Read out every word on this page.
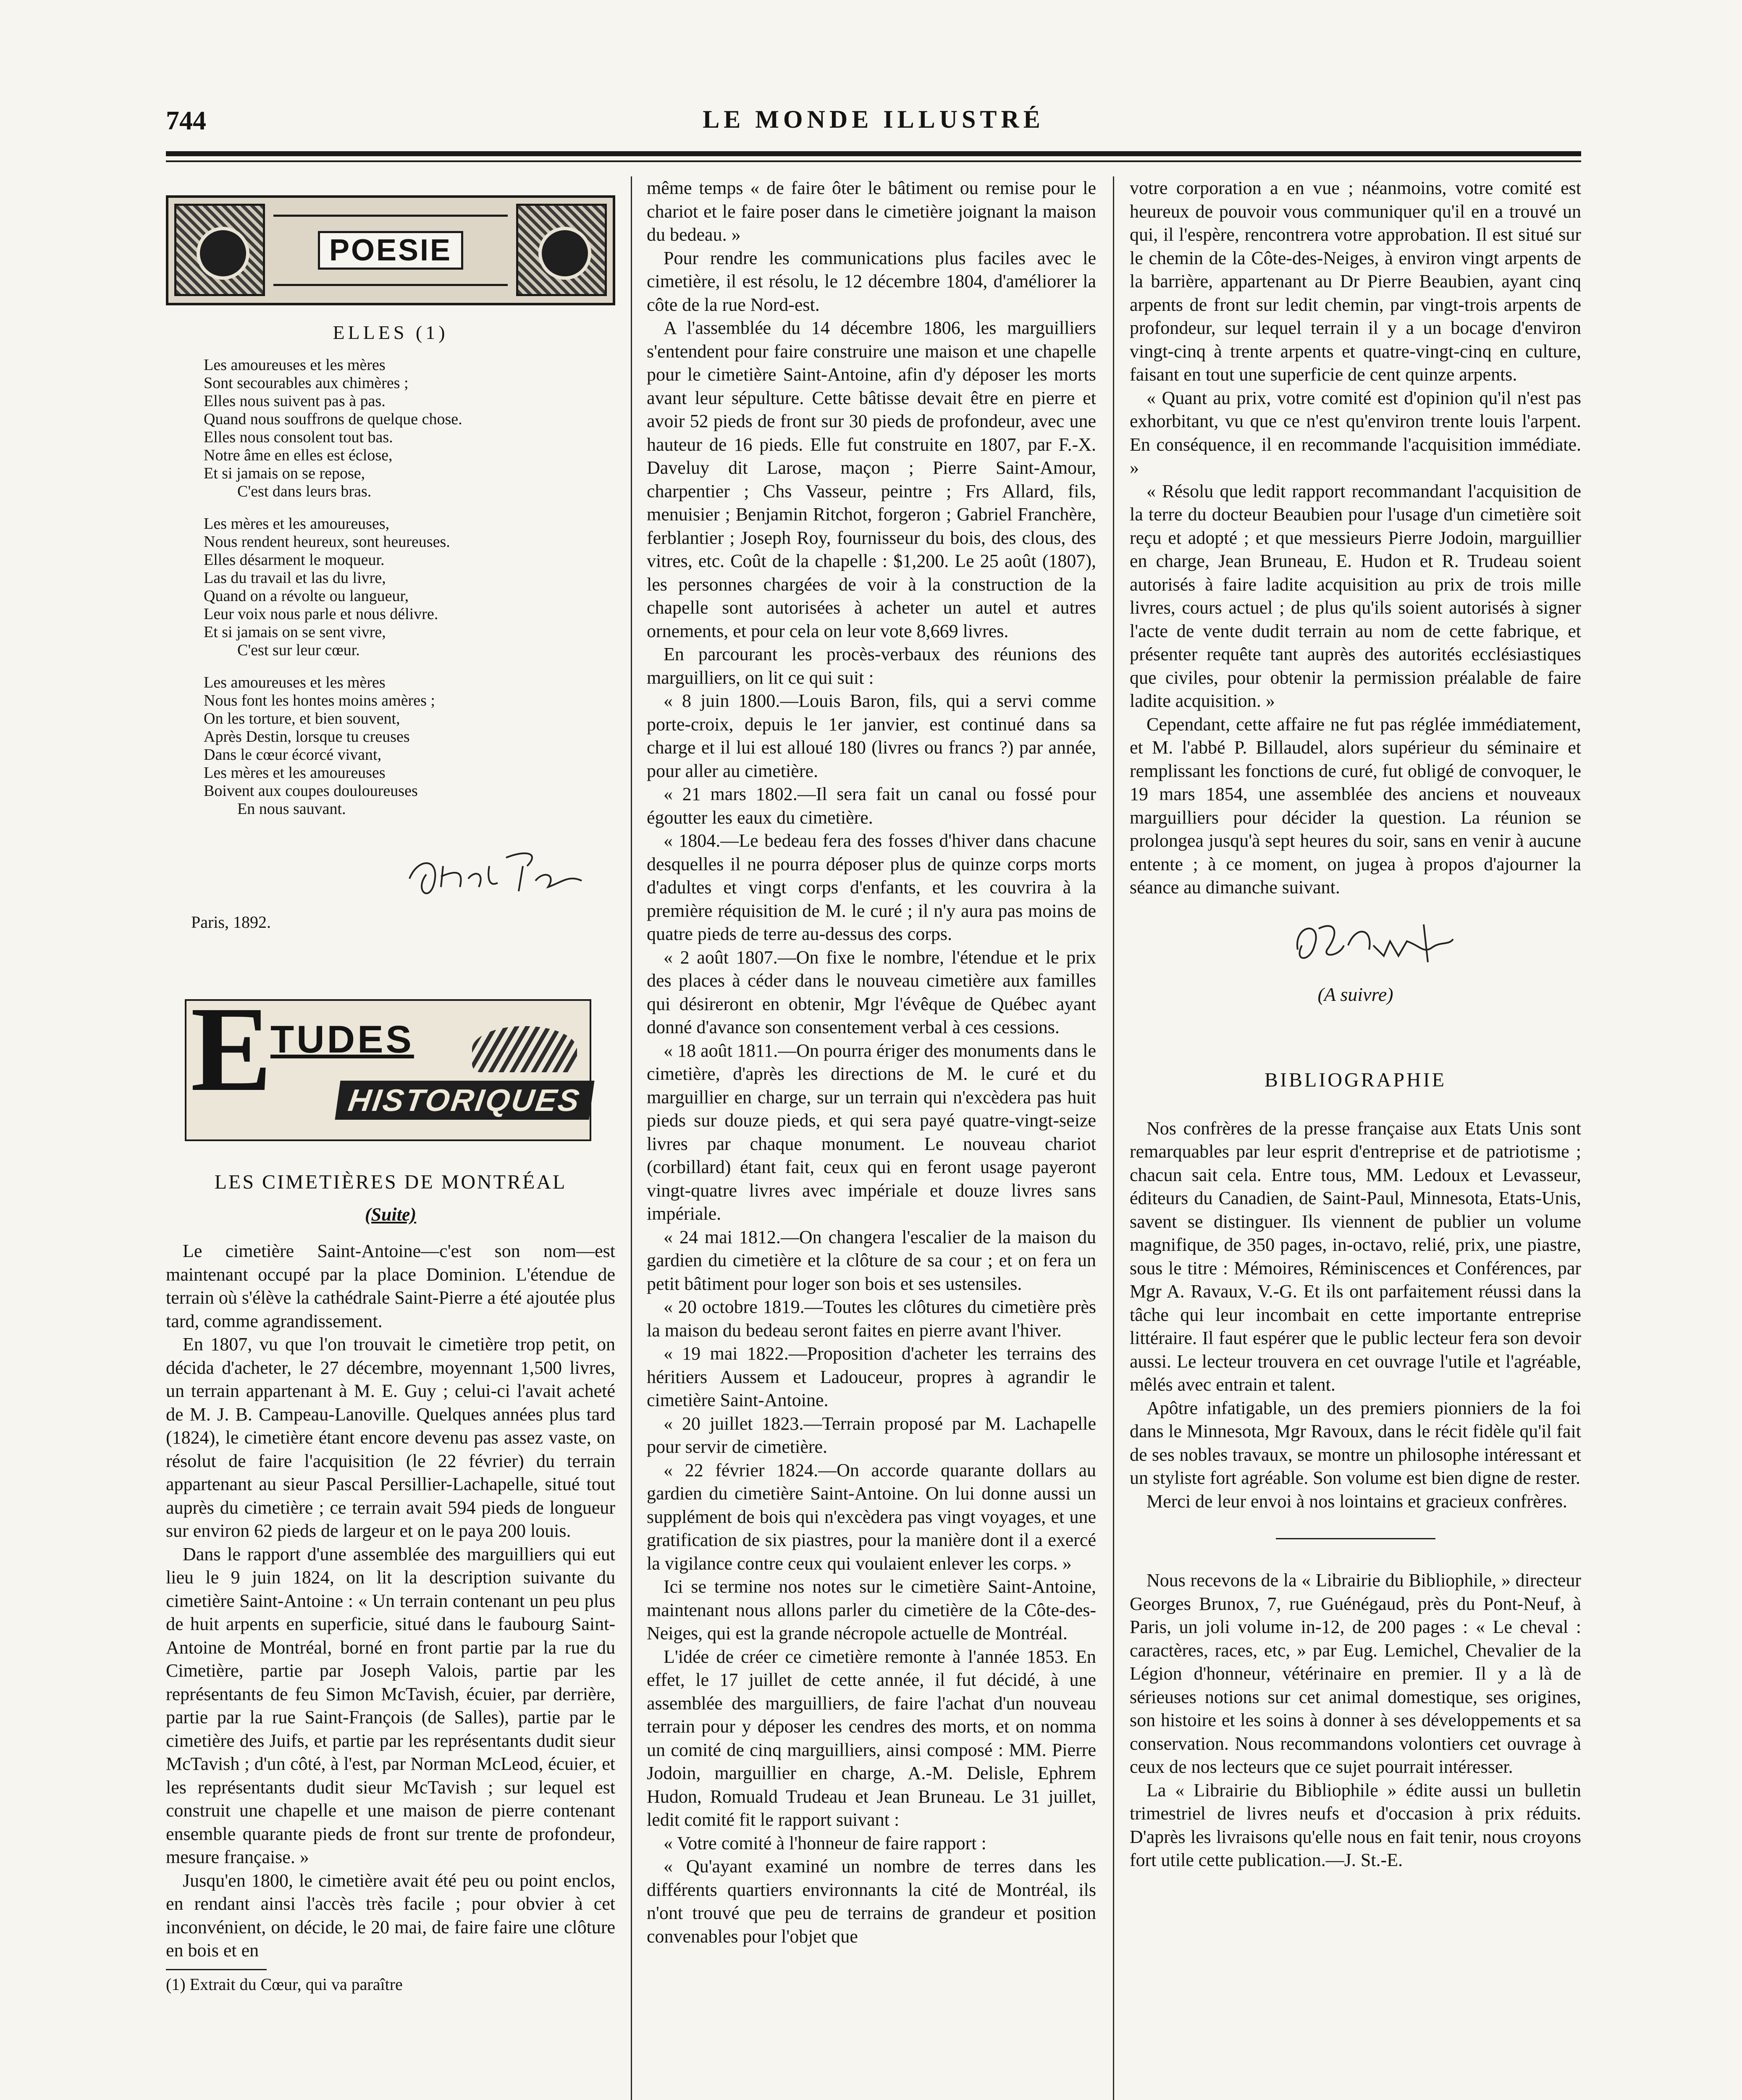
744	LE MONDE ILLUSTRÉ
POESIE
ELLES (1)
Les amoureuses et les mères
Sont secourables aux chimères ;
Elles nous suivent pas à pas.
Quand nous souffrons de quelque chose.
Elles nous consolent tout bas.
Notre âme en elles est éclose,
Et si jamais on se repose,
C'est dans leurs bras.
Les mères et les amoureuses,
Nous rendent heureux, sont heureuses.
Elles désarment le moqueur.
Las du travail et las du livre,
Quand on a révolte ou langueur,
Leur voix nous parle et nous délivre.
Et si jamais on se sent vivre,
C'est sur leur cœur.
Les amoureuses et les mères
Nous font les hontes moins amères ;
On les torture, et bien souvent,
Après Destin, lorsque tu creuses
Dans le cœur écorcé vivant,
Les mères et les amoureuses
Boivent aux coupes douloureuses
En nous sauvant.
Paris, 1892.
E
TUDES
HISTORIQUES
LES CIMETIÈRES DE MONTRÉAL
(Suite)

Le cimetière Saint-Antoine—c'est son nom—est maintenant occupé par la place Dominion. L'étendue de terrain où s'élève la cathédrale Saint-Pierre a été ajoutée plus tard, comme agrandissement.

En 1807, vu que l'on trouvait le cimetière trop petit, on décida d'acheter, le 27 décembre, moyennant 1,500 livres, un terrain appartenant à M. E. Guy ; celui-ci l'avait acheté de M. J. B. Campeau-Lanoville. Quelques années plus tard (1824), le cimetière étant encore devenu pas assez vaste, on résolut de faire l'acquisition (le 22 février) du terrain appartenant au sieur Pascal Persillier-Lachapelle, situé tout auprès du cimetière ; ce terrain avait 594 pieds de longueur sur environ 62 pieds de largeur et on le paya 200 louis.

Dans le rapport d'une assemblée des marguilliers qui eut lieu le 9 juin 1824, on lit la description suivante du cimetière Saint-Antoine : « Un terrain contenant un peu plus de huit arpents en superficie, situé dans le faubourg Saint-Antoine de Montréal, borné en front partie par la rue du Cimetière, partie par Joseph Valois, partie par les représentants de feu Simon McTavish, écuier, par derrière, partie par la rue Saint-François (de Salles), partie par le cimetière des Juifs, et partie par les représentants dudit sieur McTavish ; d'un côté, à l'est, par Norman McLeod, écuier, et les représentants dudit sieur McTavish ; sur lequel est construit une chapelle et une maison de pierre contenant ensemble quarante pieds de front sur trente de profondeur, mesure française. »

Jusqu'en 1800, le cimetière avait été peu ou point enclos, en rendant ainsi l'accès très facile ; pour obvier à cet inconvénient, on décide, le 20 mai, de faire faire une clôture en bois et en

(1) Extrait du Cœur, qui va paraître

même temps « de faire ôter le bâtiment ou remise pour le chariot et le faire poser dans le cimetière joignant la maison du bedeau. »

Pour rendre les communications plus faciles avec le cimetière, il est résolu, le 12 décembre 1804, d'améliorer la côte de la rue Nord-est.

A l'assemblée du 14 décembre 1806, les marguilliers s'entendent pour faire construire une maison et une chapelle pour le cimetière Saint-Antoine, afin d'y déposer les morts avant leur sépulture. Cette bâtisse devait être en pierre et avoir 52 pieds de front sur 30 pieds de profondeur, avec une hauteur de 16 pieds. Elle fut construite en 1807, par F.-X. Daveluy dit Larose, maçon ; Pierre Saint-Amour, charpentier ; Chs Vasseur, peintre ; Frs Allard, fils, menuisier ; Benjamin Ritchot, forgeron ; Gabriel Franchère, ferblantier ; Joseph Roy, fournisseur du bois, des clous, des vitres, etc. Coût de la chapelle : $1,200. Le 25 août (1807), les personnes chargées de voir à la construction de la chapelle sont autorisées à acheter un autel et autres ornements, et pour cela on leur vote 8,669 livres.

En parcourant les procès-verbaux des réunions des marguilliers, on lit ce qui suit :

« 8 juin 1800.—Louis Baron, fils, qui a servi comme porte-croix, depuis le 1er janvier, est continué dans sa charge et il lui est alloué 180 (livres ou francs ?) par année, pour aller au cimetière.

« 21 mars 1802.—Il sera fait un canal ou fossé pour égoutter les eaux du cimetière.

« 1804.—Le bedeau fera des fosses d'hiver dans chacune desquelles il ne pourra déposer plus de quinze corps morts d'adultes et vingt corps d'enfants, et les couvrira à la première réquisition de M. le curé ; il n'y aura pas moins de quatre pieds de terre au-dessus des corps.

« 2 août 1807.—On fixe le nombre, l'étendue et le prix des places à céder dans le nouveau cimetière aux familles qui désireront en obtenir, Mgr l'évêque de Québec ayant donné d'avance son consentement verbal à ces cessions.

« 18 août 1811.—On pourra ériger des monuments dans le cimetière, d'après les directions de M. le curé et du marguillier en charge, sur un terrain qui n'excèdera pas huit pieds sur douze pieds, et qui sera payé quatre-vingt-seize livres par chaque monument. Le nouveau chariot (corbillard) étant fait, ceux qui en feront usage payeront vingt-quatre livres avec impériale et douze livres sans impériale.

« 24 mai 1812.—On changera l'escalier de la maison du gardien du cimetière et la clôture de sa cour ; et on fera un petit bâtiment pour loger son bois et ses ustensiles.

« 20 octobre 1819.—Toutes les clôtures du cimetière près la maison du bedeau seront faites en pierre avant l'hiver.

« 19 mai 1822.—Proposition d'acheter les terrains des héritiers Aussem et Ladouceur, propres à agrandir le cimetière Saint-Antoine.

« 20 juillet 1823.—Terrain proposé par M. Lachapelle pour servir de cimetière.

« 22 février 1824.—On accorde quarante dollars au gardien du cimetière Saint-Antoine. On lui donne aussi un supplément de bois qui n'excèdera pas vingt voyages, et une gratification de six piastres, pour la manière dont il a exercé la vigilance contre ceux qui voulaient enlever les corps. »

Ici se termine nos notes sur le cimetière Saint-Antoine, maintenant nous allons parler du cimetière de la Côte-des-Neiges, qui est la grande nécropole actuelle de Montréal.

L'idée de créer ce cimetière remonte à l'année 1853. En effet, le 17 juillet de cette année, il fut décidé, à une assemblée des marguilliers, de faire l'achat d'un nouveau terrain pour y déposer les cendres des morts, et on nomma un comité de cinq marguilliers, ainsi composé : MM. Pierre Jodoin, marguillier en charge, A.-M. Delisle, Ephrem Hudon, Romuald Trudeau et Jean Bruneau. Le 31 juillet, ledit comité fit le rapport suivant :

« Votre comité à l'honneur de faire rapport :

« Qu'ayant examiné un nombre de terres dans les différents quartiers environnants la cité de Montréal, ils n'ont trouvé que peu de terrains de grandeur et position convenables pour l'objet que

votre corporation a en vue ; néanmoins, votre comité est heureux de pouvoir vous communiquer qu'il en a trouvé un qui, il l'espère, rencontrera votre approbation. Il est situé sur le chemin de la Côte-des-Neiges, à environ vingt arpents de la barrière, appartenant au Dr Pierre Beaubien, ayant cinq arpents de front sur ledit chemin, par vingt-trois arpents de profondeur, sur lequel terrain il y a un bocage d'environ vingt-cinq à trente arpents et quatre-vingt-cinq en culture, faisant en tout une superficie de cent quinze arpents.

« Quant au prix, votre comité est d'opinion qu'il n'est pas exhorbitant, vu que ce n'est qu'environ trente louis l'arpent. En conséquence, il en recommande l'acquisition immédiate. »

« Résolu que ledit rapport recommandant l'acquisition de la terre du docteur Beaubien pour l'usage d'un cimetière soit reçu et adopté ; et que messieurs Pierre Jodoin, marguillier en charge, Jean Bruneau, E. Hudon et R. Trudeau soient autorisés à faire ladite acquisition au prix de trois mille livres, cours actuel ; de plus qu'ils soient autorisés à signer l'acte de vente dudit terrain au nom de cette fabrique, et présenter requête tant auprès des autorités ecclésiastiques que civiles, pour obtenir la permission préalable de faire ladite acquisition. »

Cependant, cette affaire ne fut pas réglée immédiatement, et M. l'abbé P. Billaudel, alors supérieur du séminaire et remplissant les fonctions de curé, fut obligé de convoquer, le 19 mars 1854, une assemblée des anciens et nouveaux marguilliers pour décider la question. La réunion se prolongea jusqu'à sept heures du soir, sans en venir à aucune entente ; à ce moment, on jugea à propos d'ajourner la séance au dimanche suivant.

(A suivre)
BIBLIOGRAPHIE

Nos confrères de la presse française aux Etats Unis sont remarquables par leur esprit d'entreprise et de patriotisme ; chacun sait cela. Entre tous, MM. Ledoux et Levasseur, éditeurs du Canadien, de Saint-Paul, Minnesota, Etats-Unis, savent se distinguer. Ils viennent de publier un volume magnifique, de 350 pages, in-octavo, relié, prix, une piastre, sous le titre : Mémoires, Réminiscences et Conférences, par Mgr A. Ravaux, V.-G. Et ils ont parfaitement réussi dans la tâche qui leur incombait en cette importante entreprise littéraire. Il faut espérer que le public lecteur fera son devoir aussi. Le lecteur trouvera en cet ouvrage l'utile et l'agréable, mêlés avec entrain et talent.

Apôtre infatigable, un des premiers pionniers de la foi dans le Minnesota, Mgr Ravoux, dans le récit fidèle qu'il fait de ses nobles travaux, se montre un philosophe intéressant et un styliste fort agréable. Son volume est bien digne de rester.

Merci de leur envoi à nos lointains et gracieux confrères.

Nous recevons de la « Librairie du Bibliophile, » directeur Georges Brunox, 7, rue Guénégaud, près du Pont-Neuf, à Paris, un joli volume in-12, de 200 pages : « Le cheval : caractères, races, etc, » par Eug. Lemichel, Chevalier de la Légion d'honneur, vétérinaire en premier. Il y a là de sérieuses notions sur cet animal domestique, ses origines, son histoire et les soins à donner à ses développements et sa conservation. Nous recommandons volontiers cet ouvrage à ceux de nos lecteurs que ce sujet pourrait intéresser.

La « Librairie du Bibliophile » édite aussi un bulletin trimestriel de livres neufs et d'occasion à prix réduits. D'après les livraisons qu'elle nous en fait tenir, nous croyons fort utile cette publication.—J. St.-E.
